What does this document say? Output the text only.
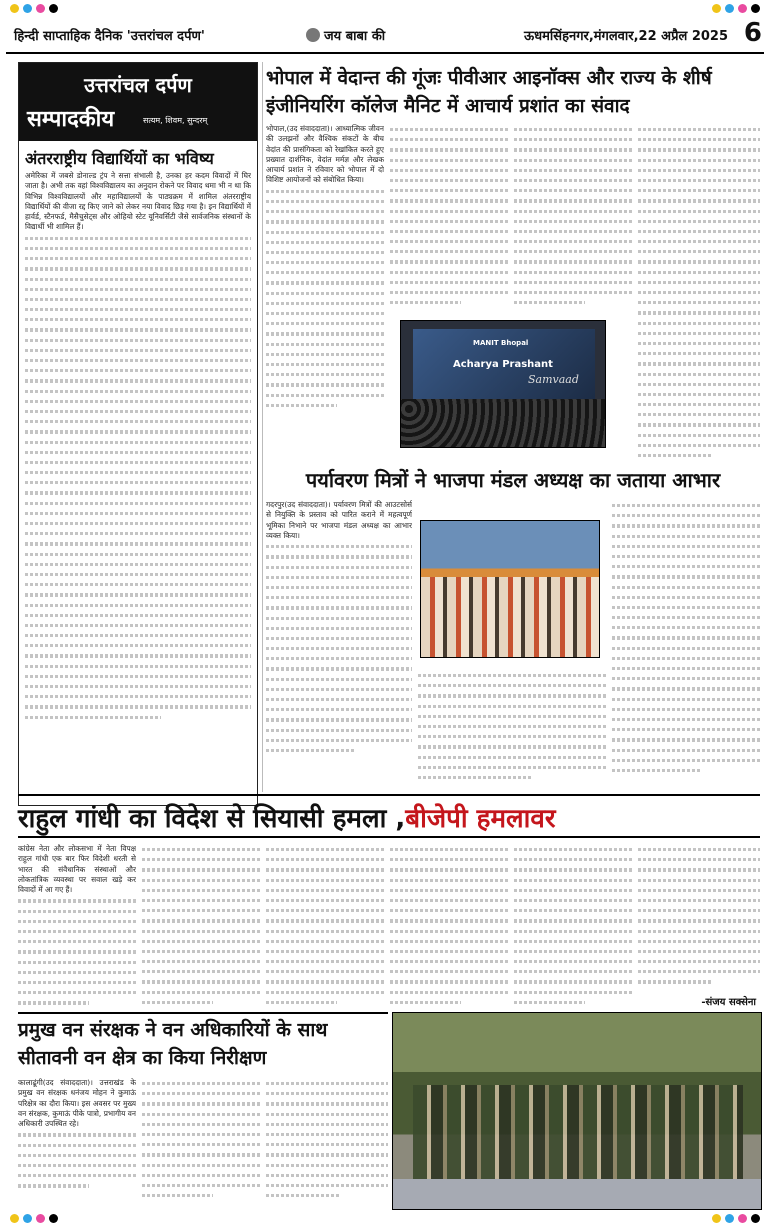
हिन्दी साप्ताहिक दैनिक 'उत्तरांचल दर्पण'	जय बाबा की	ऊधमसिंहनगर,मंगलवार,22 अप्रैल 2025 6
उत्तरांचल दर्पण
सम्पादकीय	सत्यम, शिवम, सुन्दरम्
अंतरराष्ट्रीय विद्यार्थियों का भविष्य

अमेरिका में जबसे डोनाल्ड ट्रंप ने सत्ता संभाली है, उनका हर कदम विवादों में घिर जाता है। अभी तक वहां विश्वविद्यालय का अनुदान रोकने पर विवाद थमा भी न था कि विभिन्न विश्वविद्यालयों और महाविद्यालयों के पाठ्यक्रम में शामिल अंतरराष्ट्रीय विद्यार्थियों की वीजा रद्द किए जाने को लेकर नया विवाद छिड़ गया है। इन विद्यार्थियों में हार्वर्ड, स्टैनफर्ड, मैसैचुसेट्स और ओहियो स्टेट यूनिवर्सिटी जैसे सार्वजनिक संस्थानों के विद्यार्थी भी शामिल हैं।

भोपाल में वेदान्त की गूंजः पीवीआर आइनॉक्स और राज्य के शीर्ष इंजीनियरिंग कॉलेज मैनिट में आचार्य प्रशांत का संवाद

भोपाल,(उद संवाददाता)। आध्यात्मिक जीवन की उलझनों और वैश्विक संकटों के बीच वेदांत की प्रासंगिकता को रेखांकित करते हुए प्रख्यात दार्शनिक, वेदांत मर्मज्ञ और लेखक आचार्य प्रशांत ने रविवार को भोपाल में दो विशिष्ट आयोजनों को संबोधित किया।

MANIT Bhopal
Acharya Prashant
Samvaad
पर्यावरण मित्रों ने भाजपा मंडल अध्यक्ष का जताया आभार

गदरपुर(उद संवाददाता)। पर्यावरण मित्रों की आउटसोर्स से नियुक्ति के प्रस्ताव को पारित कराने में महत्वपूर्ण भूमिका निभाने पर भाजपा मंडल अध्यक्ष का आभार व्यक्त किया।

राहुल गांधी का विदेश से सियासी हमला ,बीजेपी हमलावर

कांग्रेस नेता और लोकसभा में नेता विपक्ष राहुल गांधी एक बार फिर विदेशी धरती से भारत की संवैधानिक संस्थाओं और लोकतांत्रिक व्यवस्था पर सवाल खड़े कर विवादों में आ गए हैं।

-संजय सक्सेना
प्रमुख वन संरक्षक ने वन अधिकारियों के साथ सीतावनी वन क्षेत्र का किया निरीक्षण

कालाढूंगी(उद संवाददाता)। उत्तराखंड के प्रमुख वन संरक्षक धनंजय मोहन ने कुमाऊं परिक्षेत्र का दौरा किया। इस अवसर पर मुख्य वन संरक्षक, कुमाऊं पीके पात्रो, प्रभागीय वन अधिकारी उपस्थित रहे।
